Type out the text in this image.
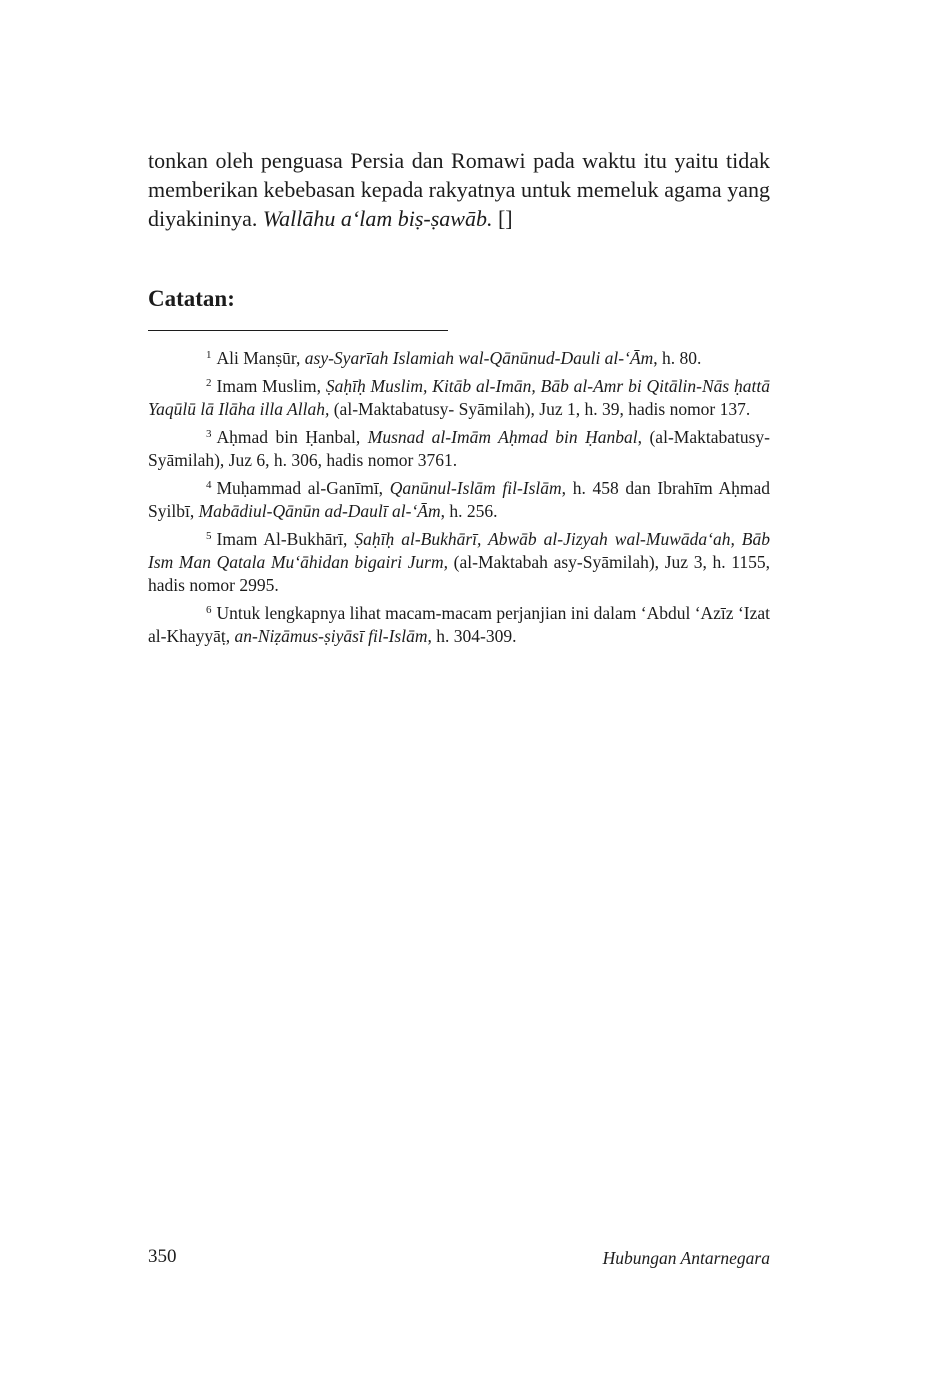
tonkan oleh penguasa Persia dan Romawi pada waktu itu yaitu tidak memberikan kebebasan kepada rakyatnya untuk memeluk agama yang diyakininya. Wallāhu a‘lam biṣ-ṣawāb. []

Catatan:

$^1$ Ali Manṣūr, asy-Syarīah Islamiah wal-Qānūnud-Dauli al-‘Ām, h. 80.

$^2$ Imam Muslim, Ṣaḥīḥ Muslim, Kitāb al-Imān, Bāb al-Amr bi Qitālin-Nās ḥattā Yaqūlū lā Ilāha illa Allah, (al-Maktabatusy- Syāmilah), Juz 1, h. 39, hadis nomor 137.

$^3$ Aḥmad bin Ḥanbal, Musnad al-Imām Aḥmad bin Ḥanbal, (al-Maktabatusy-Syāmilah), Juz 6, h. 306, hadis nomor 3761.

$^4$ Muḥammad al-Ganīmī, Qanūnul-Islām fil-Islām, h. 458 dan Ibrahīm Aḥmad Syilbī, Mabādiul-Qānūn ad-Daulī al-‘Ām, h. 256.

$^5$ Imam Al-Bukhārī, Ṣaḥīḥ al-Bukhārī, Abwāb al-Jizyah wal-Muwāda‘ah, Bāb Ism Man Qatala Mu‘āhidan bigairi Jurm, (al-Maktabah asy-Syāmilah), Juz 3, h. 1155, hadis nomor 2995.

$^6$ Untuk lengkapnya lihat macam-macam perjanjian ini dalam ‘Abdul ‘Azīz ‘Izat al-Khayyāṭ, an-Niẓāmus-ṣiyāsī fil-Islām, h. 304-309.

350	Hubungan Antarnegara
